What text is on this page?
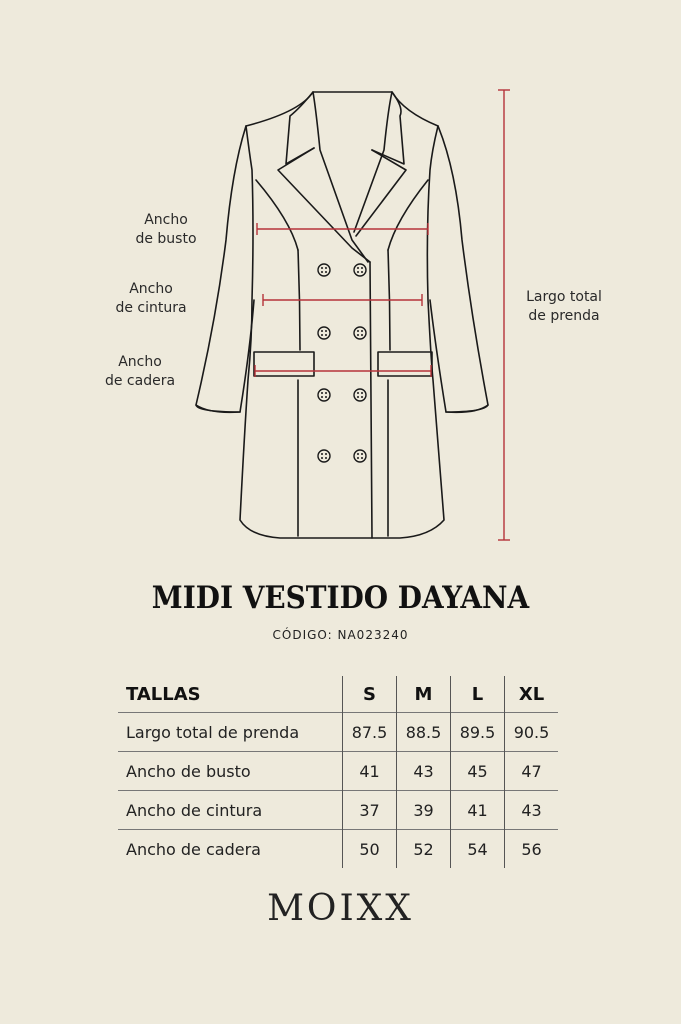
Ancho
de busto
Ancho
de cintura
Ancho
de cadera
Largo total
de prenda
MIDI VESTIDO DAYANA
CÓDIGO: NA023240
TALLAS	S	M	L	XL
Largo total de prenda	87.5	88.5	89.5	90.5
Ancho de busto	41	43	45	47
Ancho de cintura	37	39	41	43
Ancho de cadera	50	52	54	56
MOIXX
